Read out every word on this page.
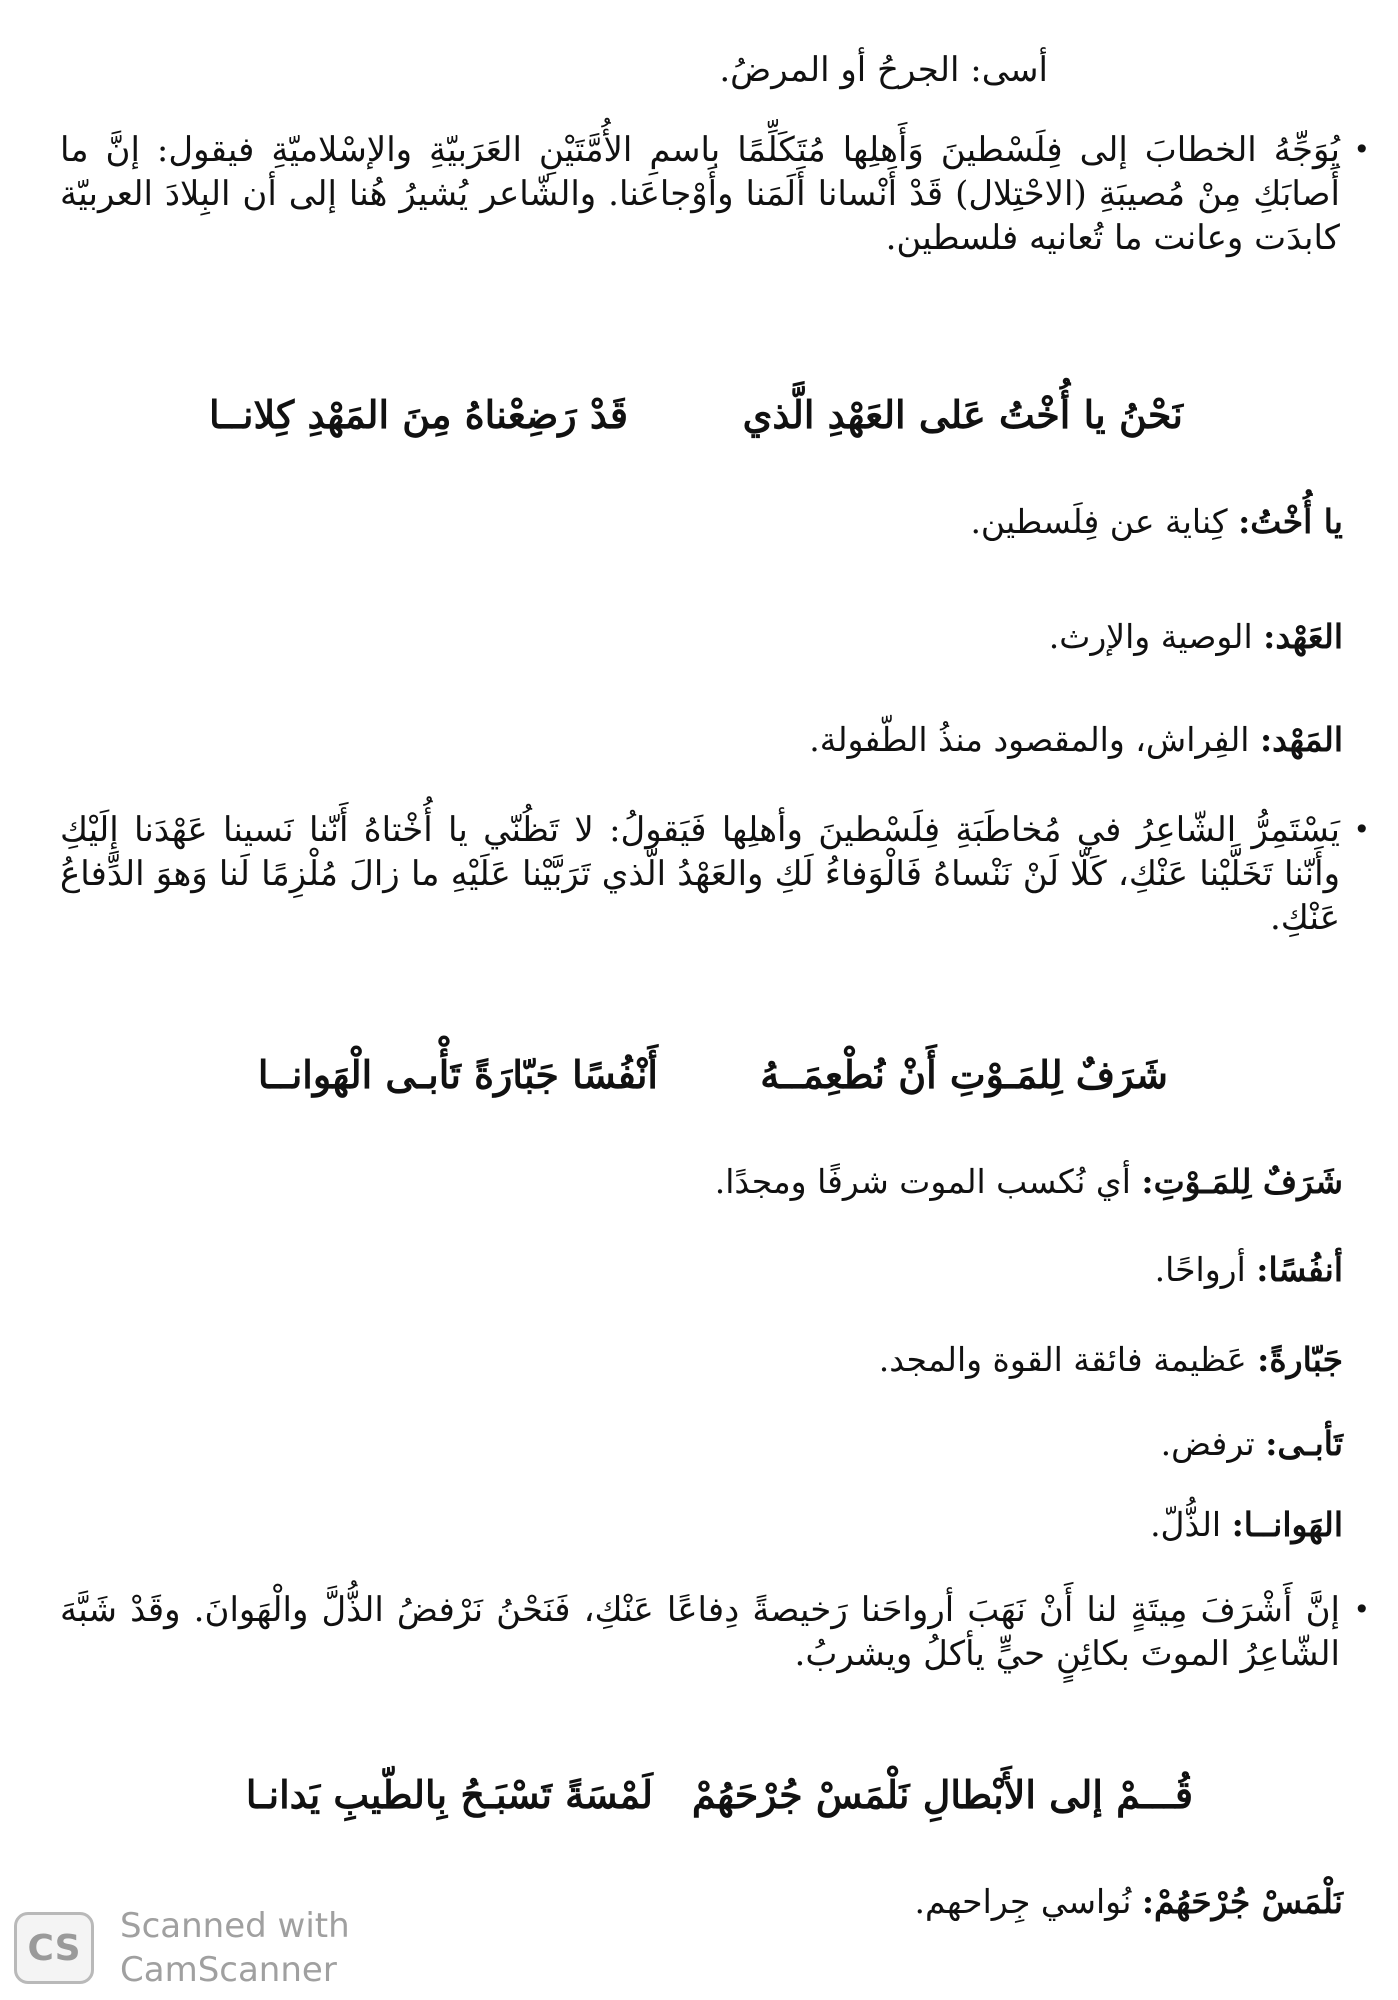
أسى: الجرحُ أو المرضُ.
•
يُوَجِّهُ الخطابَ إلى فِلَسْطينَ وَأَهلِها مُتَكَلِّمًا باسمِ الأُمَّتَيْنِ العَرَبيّةِ والإسْلاميّةِ فيقول: إنَّ ما أَصابَكِ مِنْ مُصيبَةِ (الاحْتِلال) قَدْ أَنْسانا أَلَمَنا وأَوْجاعَنا. والشّاعر يُشيرُ هُنا إلى أن البِلادَ العربيّة كابدَت وعانت ما تُعانيه فلسطين.
نَحْنُ يا أُخْتُ عَلى العَهْدِ الَّذي
قَدْ رَضِعْناهُ مِنَ المَهْدِ كِلانــا
يا أُخْتُ: كِناية عن فِلَسطين.
العَهْد: الوصية والإرث.
المَهْد: الفِراش، والمقصود منذُ الطّفولة.
•
يَسْتَمِرُّ الشّاعِرُ في مُخاطَبَةِ فِلَسْطينَ وأهلِها فَيَقولُ: لا تَظُنّي يا أُخْتاهُ أَنّنا نَسينا عَهْدَنا إِلَيْكِ وأَنّنا تَخَلَّيْنا عَنْكِ، كَلّا لَنْ نَنْساهُ فَالْوَفاءُ لَكِ والعَهْدُ الّذي تَرَبَّيْنا عَلَيْهِ ما زالَ مُلْزِمًا لَنا وَهوَ الدِّفاعُ عَنْكِ.
شَرَفٌ لِلمَـوْتِ أَنْ نُطْعِمَــهُ
أَنْفُسًا جَبّارَةً تَأْبـى الْهَوانــا
شَرَفٌ لِلمَـوْتِ: أي نُكسب الموت شرفًا ومجدًا.
أنفُسًا: أرواحًا.
جَبّارةً: عَظيمة فائقة القوة والمجد.
تَأبـى: ترفض.
الهَوانــا: الذُّلّ.
•
إنَّ أَشْرَفَ مِيتَةٍ لنا أَنْ نَهَبَ أرواحَنا رَخيصةً دِفاعًا عَنْكِ، فَنَحْنُ نَرْفضُ الذُّلَّ والْهَوانَ. وقَدْ شَبَّهَ الشّاعِرُ الموتَ بكائِنٍ حيٍّ يأكلُ ويشربُ.
قُـــمْ إلى الأَبْطالِ نَلْمَسْ جُرْحَهُمْ
لَمْسَةً تَسْبَـحُ بِالطّيبِ يَدانـا
نَلْمَسْ جُرْحَهُمْ: نُواسي جِراحهم.
CS
Scanned with
CamScanner
